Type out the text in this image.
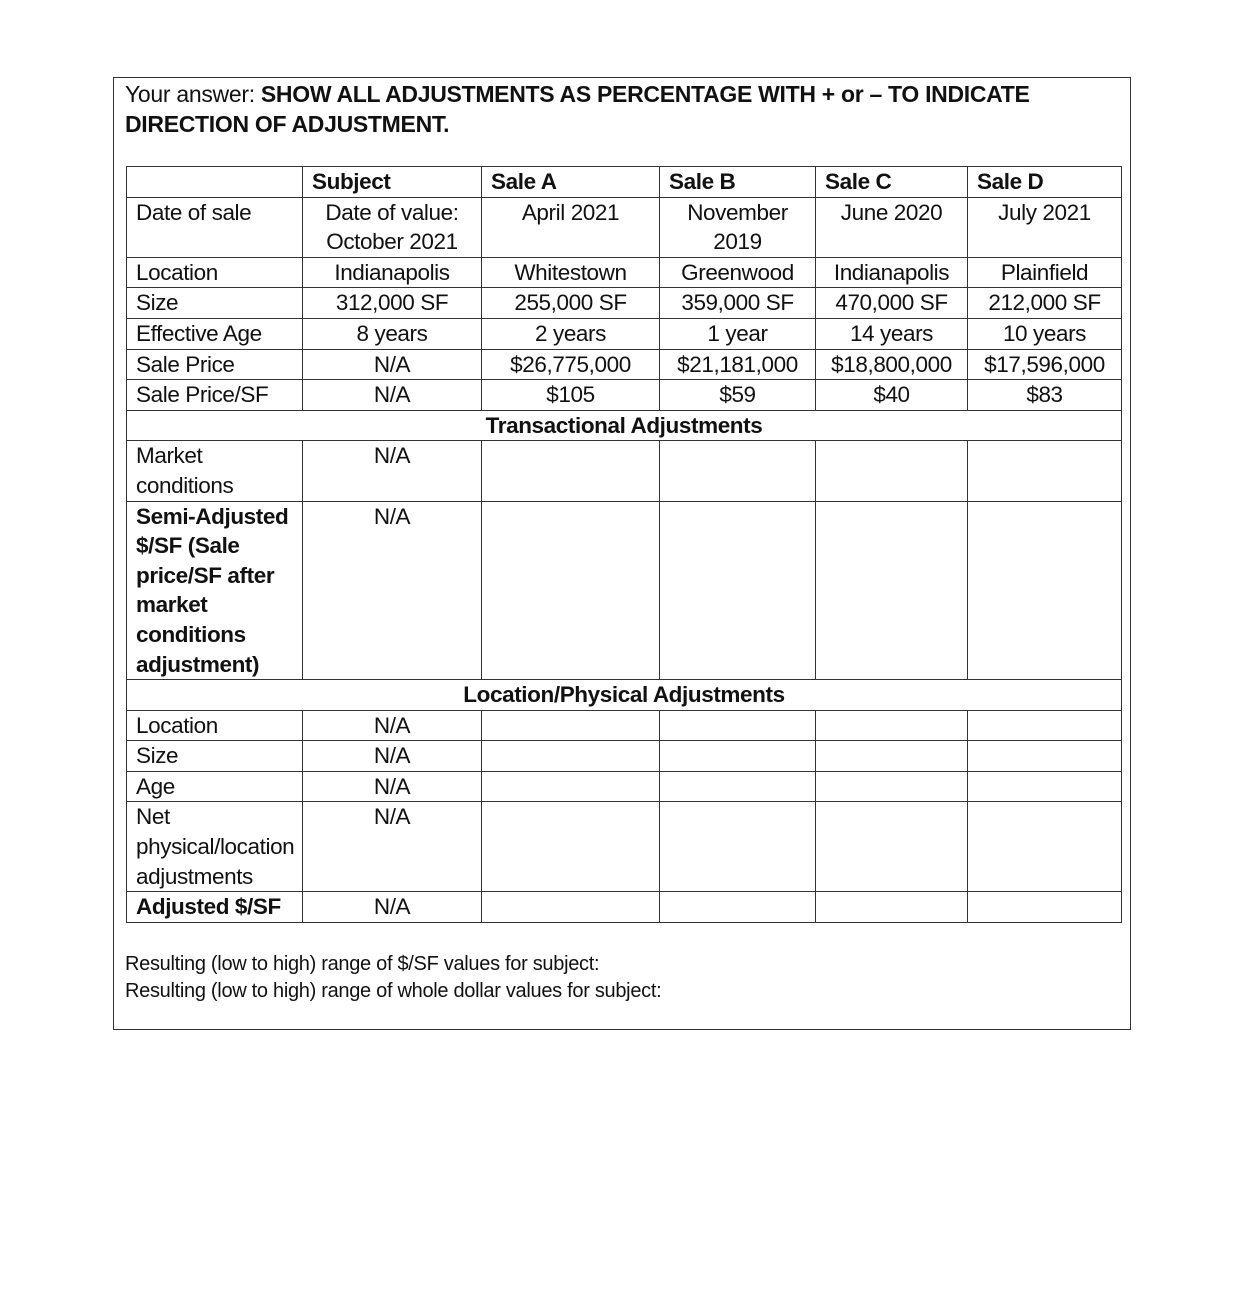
Your answer: SHOW ALL ADJUSTMENTS AS PERCENTAGE WITH + or – TO INDICATE DIRECTION OF ADJUSTMENT.
	Subject	Sale A	Sale B	Sale C	Sale D
Date of sale	Date of value: October 2021	April 2021	November 2019	June 2020	July 2021
Location	Indianapolis	Whitestown	Greenwood	Indianapolis	Plainfield
Size	312,000 SF	255,000 SF	359,000 SF	470,000 SF	212,000 SF
Effective Age	8 years	2 years	1 year	14 years	10 years
Sale Price	N/A	$26,775,000	$21,181,000	$18,800,000	$17,596,000
Sale Price/SF	N/A	$105	$59	$40	$83
Transactional Adjustments					
Market conditions	N/A				
Semi-Adjusted $/SF (Sale price/SF after market conditions adjustment)	N/A				
Location/Physical Adjustments					
Location	N/A				
Size	N/A				
Age	N/A				
Net physical/location adjustments	N/A				
Adjusted $/SF	N/A				
Resulting (low to high) range of $/SF values for subject:
Resulting (low to high) range of whole dollar values for subject:
